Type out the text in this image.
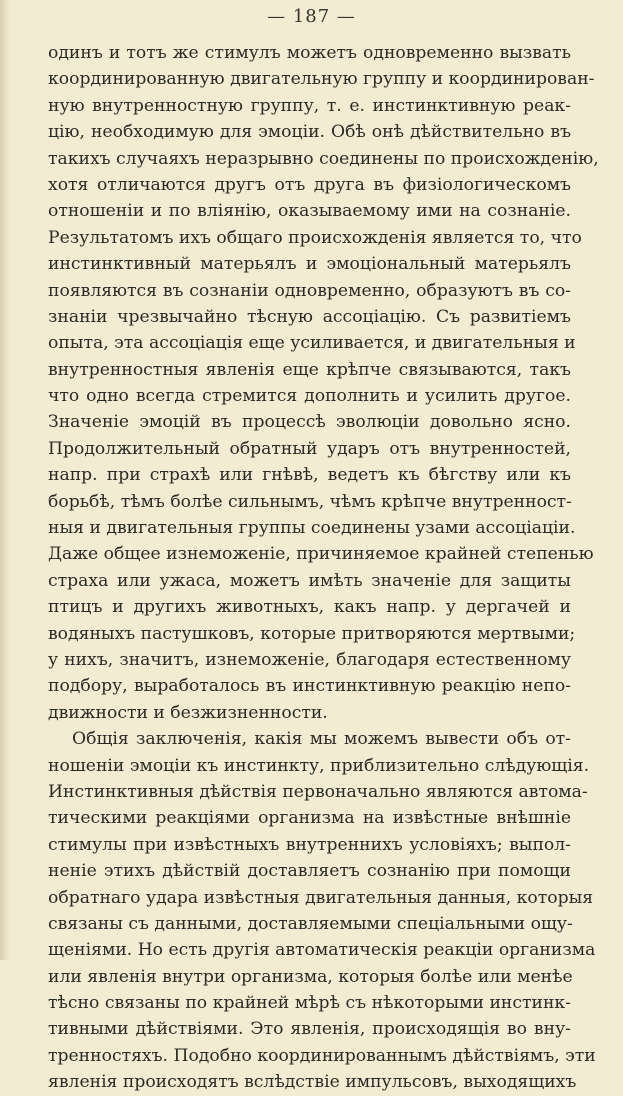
— 187 —
одинъ и тотъ же стимулъ можетъ одновременно вызвать
координированную двигательную группу и координирован-
ную внутренностную группу, т. е. инстинктивную реак-
цію, необходимую для эмоціи. Обѣ онѣ дѣйствительно въ
такихъ случаяхъ неразрывно соединены по происхожденію,
хотя отличаются другъ отъ друга въ физіологическомъ
отношеніи и по вліянію, оказываемому ими на сознаніе.
Результатомъ ихъ общаго происхожденія является то, что
инстинктивный матерьялъ и эмоціональный матерьялъ
появляются въ сознаніи одновременно, образуютъ въ со-
знаніи чрезвычайно тѣсную ассоціацію. Съ развитіемъ
опыта, эта ассоціація еще усиливается, и двигательныя и
внутренностныя явленія еще крѣпче связываются, такъ
что одно всегда стремится дополнить и усилить другое.
Значеніе эмоцій въ процессѣ эволюціи довольно ясно.
Продолжительный обратный ударъ отъ внутренностей,
напр. при страхѣ или гнѣвѣ, ведетъ къ бѣгству или къ
борьбѣ, тѣмъ болѣе сильнымъ, чѣмъ крѣпче внутренност-
ныя и двигательныя группы соединены узами ассоціаціи.
Даже общее изнеможеніе, причиняемое крайней степенью
страха или ужаса, можетъ имѣть значеніе для защиты
птицъ и другихъ животныхъ, какъ напр. у дергачей и
водяныхъ пастушковъ, которые притворяются мертвыми;
у нихъ, значитъ, изнеможеніе, благодаря естественному
подбору, выработалось въ инстинктивную реакцію непо-
движности и безжизненности.
Общія заключенія, какія мы можемъ вывести объ от-
ношеніи эмоціи къ инстинкту, приблизительно слѣдующія.
Инстинктивныя дѣйствія первоначально являются автома-
тическими реакціями организма на извѣстные внѣшніе
стимулы при извѣстныхъ внутреннихъ условіяхъ; выпол-
неніе этихъ дѣйствій доставляетъ сознанію при помощи
обратнаго удара извѣстныя двигательныя данныя, которыя
связаны съ данными, доставляемыми спеціальными ощу-
щеніями. Но есть другія автоматическія реакціи организма
или явленія внутри организма, которыя болѣе или менѣе
тѣсно связаны по крайней мѣрѣ съ нѣкоторыми инстинк-
тивными дѣйствіями. Это явленія, происходящія во вну-
тренностяхъ. Подобно координированнымъ дѣйствіямъ, эти
явленія происходятъ вслѣдствіе импульсовъ, выходящихъ
